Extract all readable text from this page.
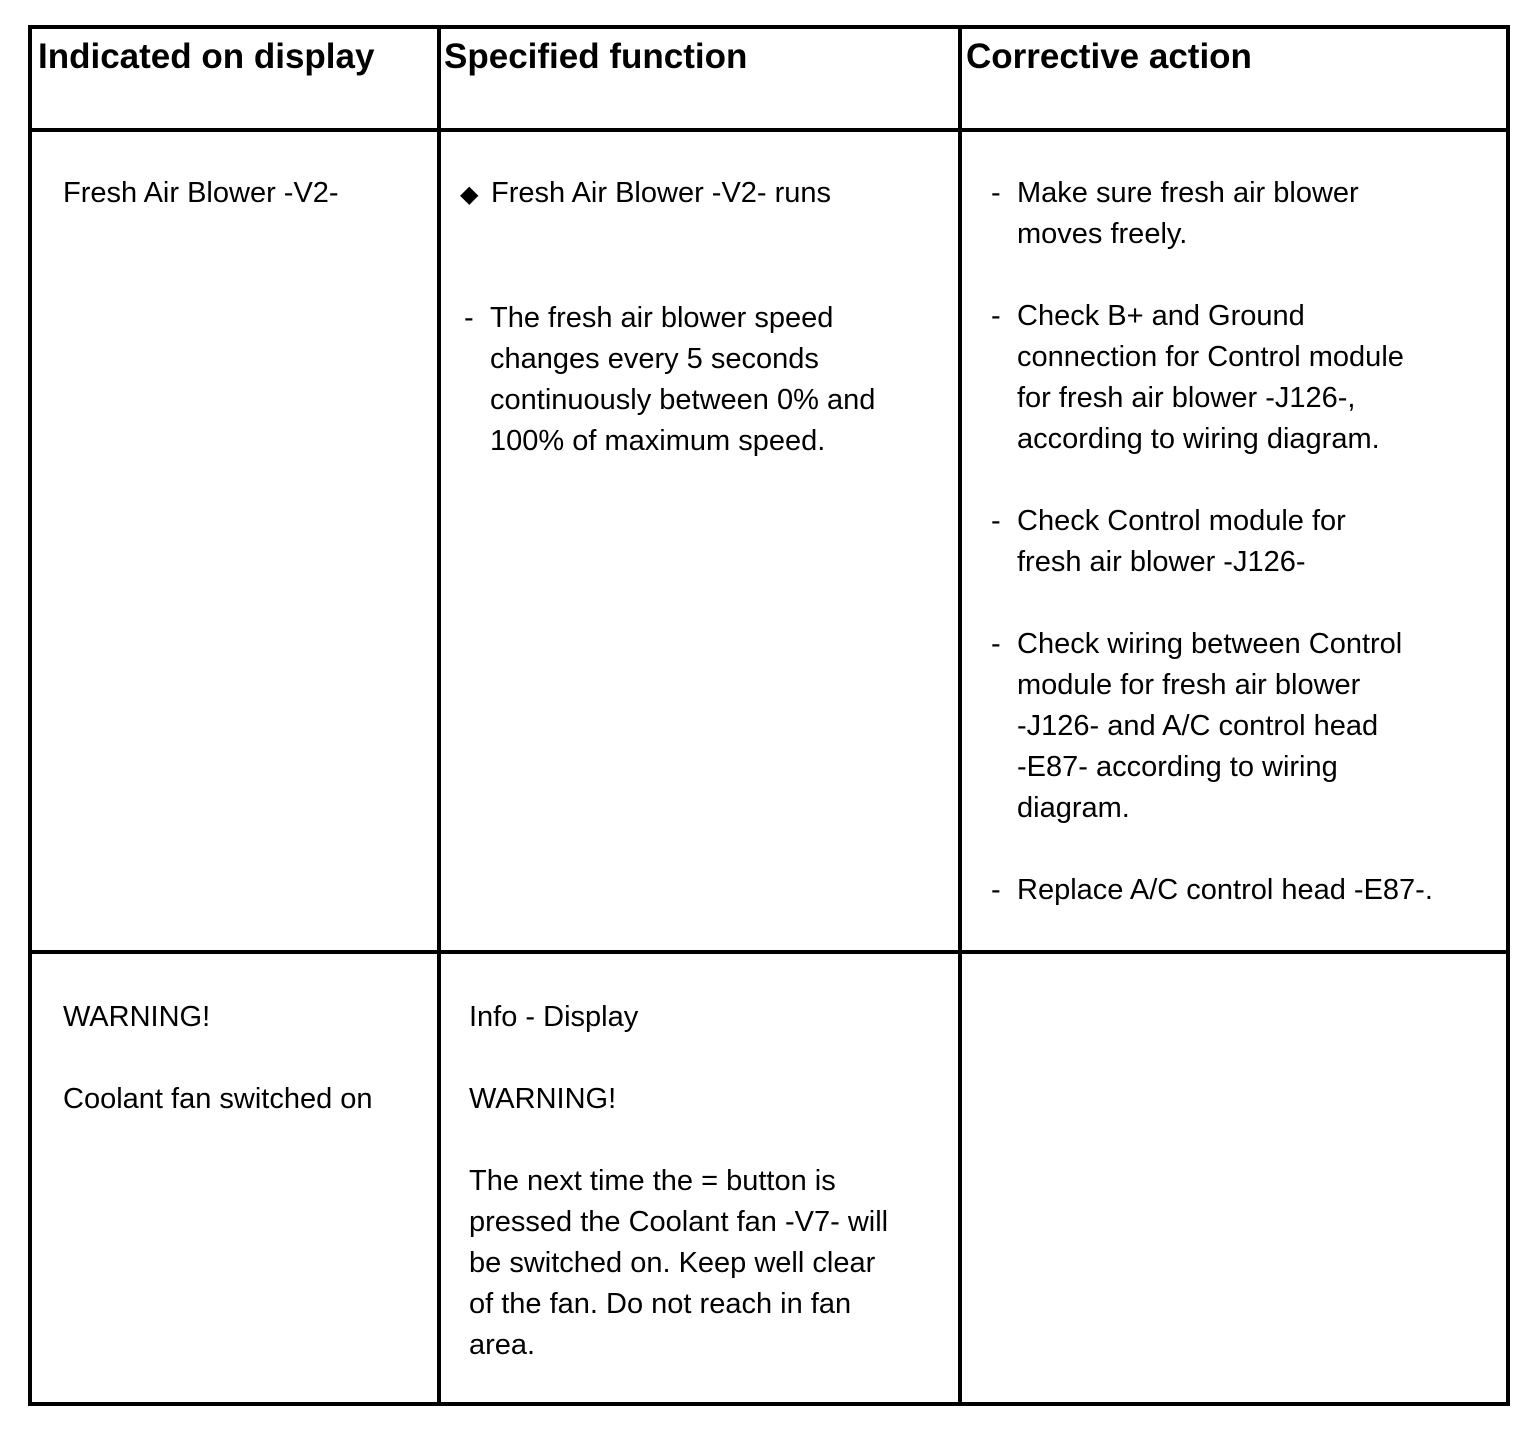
Indicated on display Specified function	Corrective action
Fresh Air Blower -V2-	◆ Fresh Air Blower -V2- runs
- The fresh air blower speed
changes every 5 seconds
continuously between 0% and
100% of maximum speed.
- Make sure fresh air blower
moves freely.
- Check B+ and Ground
connection for Control module
for fresh air blower -J126-,
according to wiring diagram.
- Check Control module for
fresh air blower -J126-
- Check wiring between Control
module for fresh air blower
-J126- and A/C control head
-E87- according to wiring
diagram.
- Replace A/C control head -E87-.
WARNING!
Coolant fan switched on
Info - Display
WARNING!
The next time the = button is
pressed the Coolant fan -V7- will
be switched on. Keep well clear
of the fan. Do not reach in fan
area.
